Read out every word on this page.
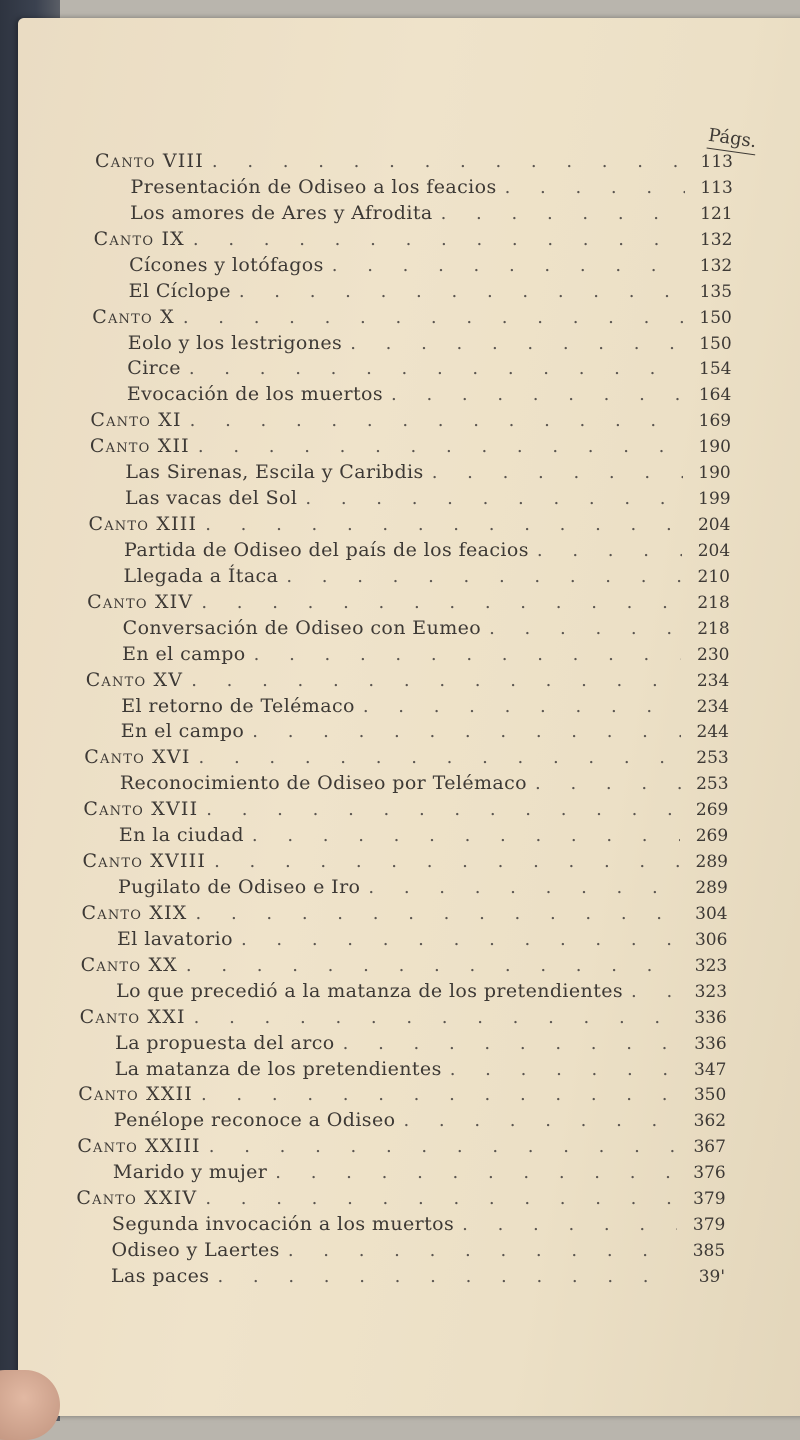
Págs.
Canto VIII . . .	113
Presentación de Odiseo a los feacios . . .	113
Los amores de Ares y Afrodita . . .	121
Canto IX . . .	132
Cícones y lotófagos . . .	132
El Cíclope . . .	135
Canto X . . .	150
Eolo y los lestrigones . . .	150
Circe . . .	154
Evocación de los muertos . . .	164
Canto XI . . .	169
Canto XII . . .	190
Las Sirenas, Escila y Caribdis . . .	190
Las vacas del Sol . . .	199
Canto XIII . . .	204
Partida de Odiseo del país de los feacios . . .	204
Llegada a Ítaca . . .	210
Canto XIV . . .	218
Conversación de Odiseo con Eumeo . . .	218
En el campo . . .	230
Canto XV . . .	234
El retorno de Telémaco . . .	234
En el campo . . .	244
Canto XVI . . .	253
Reconocimiento de Odiseo por Telémaco . . .	253
Canto XVII . . .	269
En la ciudad . . .	269
Canto XVIII . . .	289
Pugilato de Odiseo e Iro . . .	289
Canto XIX . . .	304
El lavatorio . . .	306
Canto XX . . .	323
Lo que precedió a la matanza de los pretendientes . . .	323
Canto XXI . . .	336
La propuesta del arco . . .	336
La matanza de los pretendientes . . .	347
Canto XXII . . .	350
Penélope reconoce a Odiseo . . .	362
Canto XXIII . . .	367
Marido y mujer . . .	376
Canto XXIV . . .	379
Segunda invocación a los muertos . . .	379
Odiseo y Laertes . . .	385
Las paces . . .	39'
